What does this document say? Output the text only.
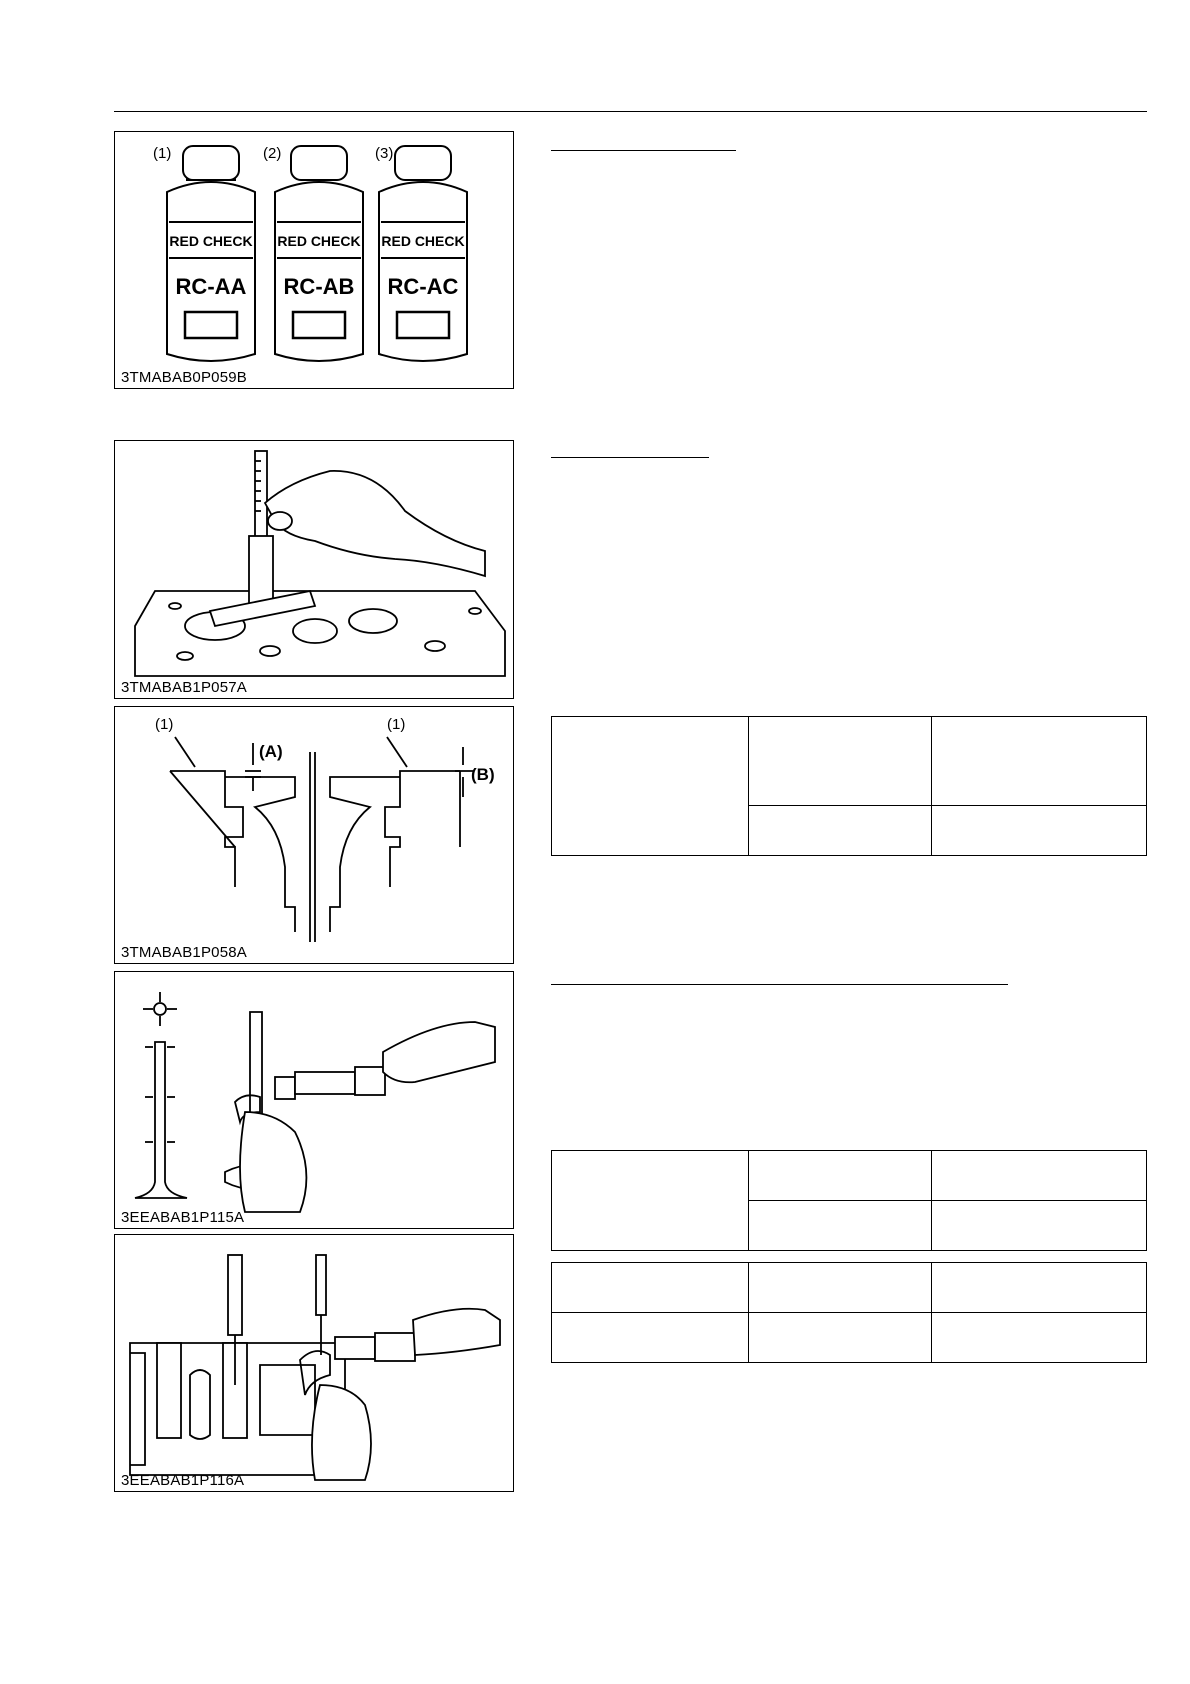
(1)	(2)	(3)
RED CHECK
RC-AA
RED CHECK
RC-AB
RED CHECK
RC-AC
3TMABAB0P059B
3TMABAB1P057A
(1)	(1)
(A)
(B)
3TMABAB1P058A
3EEABAB1P115A
3EEABAB1P116A
